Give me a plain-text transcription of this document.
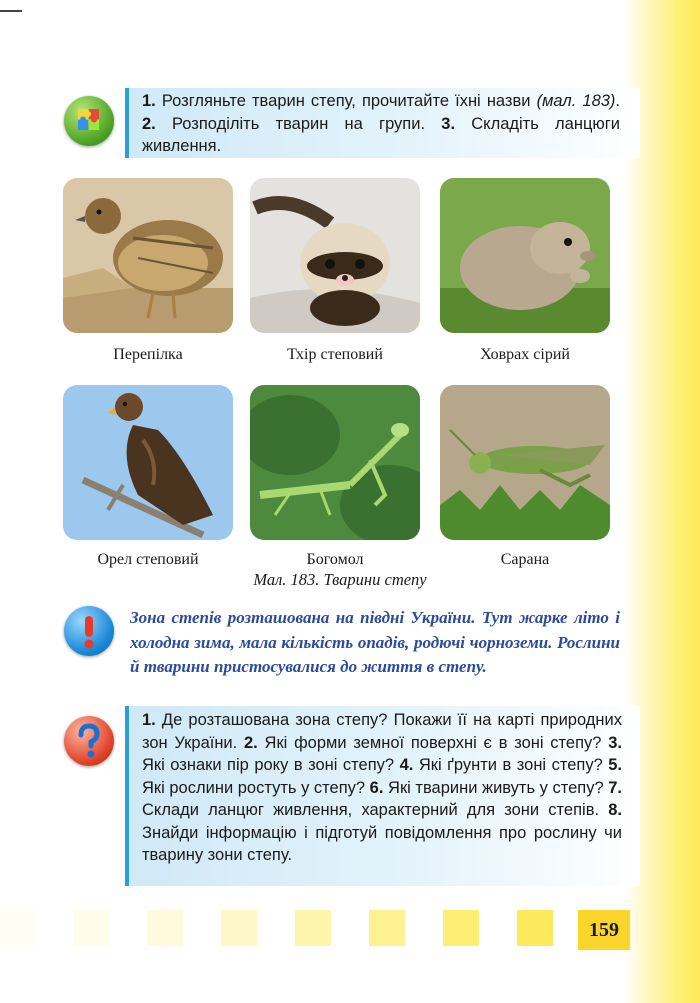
1. Розгляньте тварин степу, прочитайте їхні назви (мал. 183). 2. Розподіліть тварин на групи. 3. Складіть ланцюги живлення.
Перепілка	Тхір степовий	Ховрах сірий
Орел степовий	Богомол	Сарана
Мал. 183. Тварини степу
Зона степів розташована на півдні України. Тут жарке літо і холодна зима, мала кількість опадів, родючі чорноземи. Рослини й тварини пристосувалися до життя в степу.
1. Де розташована зона степу? Покажи її на карті природних зон України. 2. Які форми земної поверхні є в зоні степу? 3. Які ознаки пір року в зоні степу? 4. Які ґрунти в зоні степу? 5. Які рослини ростуть у степу? 6. Які тварини живуть у степу? 7. Склади ланцюг живлення, характерний для зони степів. 8. Знайди інформацію і підготуй повідомлення про рослину чи тварину зони степу.
159
